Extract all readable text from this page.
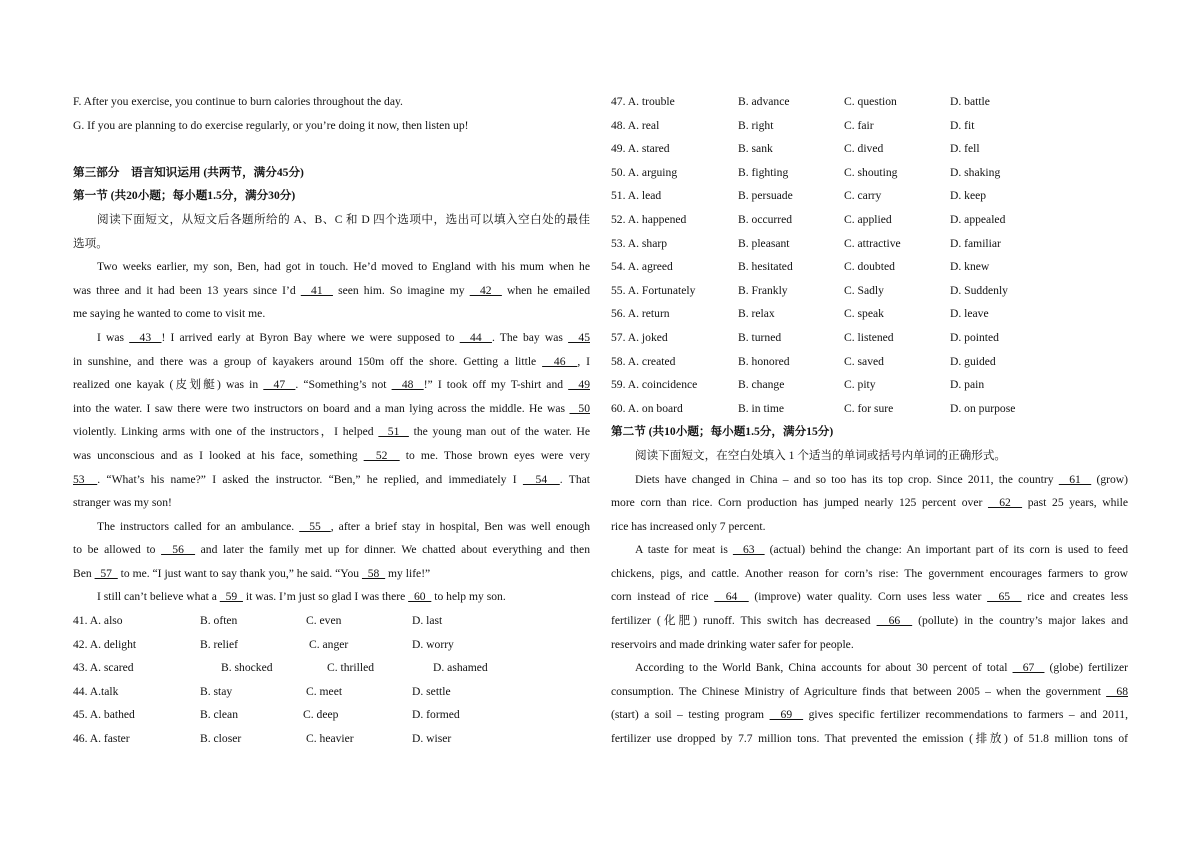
F. After you exercise, you continue to burn calories throughout the day.
G. If you are planning to do exercise regularly, or you’re doing it now, then listen up!
第三部分　语言知识运用 (共两节，满分45分)
第一节 (共20小题；每小题1.5分，满分30分)
阅读下面短文，从短文后各题所给的 A、B、C 和 D 四个选项中，选出可以填入空白处的最佳
选项。
Two weeks earlier, my son, Ben, had got in touch. He’d moved to England with his mum when he
was three and it had been 13 years since I’d   41   seen him. So imagine my   42   when he emailed
me saying he wanted to come to visit me.
I was   43  ! I arrived early at Byron Bay where we were supposed to   44  . The bay was   45
in sunshine, and there was a group of kayakers around 150m off the shore. Getting a little   46  , I
realized one kayak (皮划艇) was in   47  . “Something’s not   48  !” I took off my T-shirt and   49
into the water. I saw there were two instructors on board and a man lying across the middle. He was   50
violently. Linking arms with one of the instructors，I helped   51   the young man out of the water. He
was unconscious and as I looked at his face, something   52   to me. Those brown eyes were very
53  . “What’s his name?” I asked the instructor. “Ben,” he replied, and immediately I   54  . That
stranger was my son!
The instructors called for an ambulance.   55  , after a brief stay in hospital, Ben was well enough
to be allowed to   56   and later the family met up for dinner. We chatted about everything and then
Ben   57   to me. “I just want to say thank you,” he said. “You   58   my life!”
I still can’t believe what a   59   it was. I’m just so glad I was there   60   to help my son.
41. A. also	B. often	C. even	D. last
42. A. delight	B. relief	C. anger	D. worry
43. A. scared	B. shocked	C. thrilled	D. ashamed
44. A.talk	B. stay	C. meet	D. settle
45. A. bathed	B. clean	C. deep	D. formed
46. A. faster	B. closer	C. heavier	D. wiser
47. A. trouble	B. advance	C. question	D. battle
48. A. real	B. right	C. fair	D. fit
49. A. stared	B. sank	C. dived	D. fell
50. A. arguing	B. fighting	C. shouting	D. shaking
51. A. lead	B. persuade	C. carry	D. keep
52. A. happened	B. occurred	C. applied	D. appealed
53. A. sharp	B. pleasant	C. attractive	D. familiar
54. A. agreed	B. hesitated	C. doubted	D. knew
55. A. Fortunately	B. Frankly	C. Sadly	D. Suddenly
56. A. return	B. relax	C. speak	D. leave
57. A. joked	B. turned	C. listened	D. pointed
58. A. created	B. honored	C. saved	D. guided
59. A. coincidence	B. change	C. pity	D. pain
60. A. on board	B. in time	C. for sure	D. on purpose
第二节 (共10小题；每小题1.5分，满分15分)
阅读下面短文，在空白处填入 1 个适当的单词或括号内单词的正确形式。
Diets have changed in China – and so too has its top crop. Since 2011, the country   61   (grow)
more corn than rice. Corn production has jumped nearly 125 percent over   62   past 25 years, while
rice has increased only 7 percent.
A taste for meat is   63   (actual) behind the change: An important part of its corn is used to feed
chickens, pigs, and cattle. Another reason for corn’s rise: The government encourages farmers to grow
corn instead of rice   64   (improve) water quality. Corn uses less water   65   rice and creates less
fertilizer (化肥) runoff. This switch has decreased   66   (pollute) in the country’s major lakes and
reservoirs and made drinking water safer for people.
According to the World Bank, China accounts for about 30 percent of total   67   (globe) fertilizer
consumption. The Chinese Ministry of Agriculture finds that between 2005 – when the government   68
(start) a soil – testing program   69   gives specific fertilizer recommendations to farmers – and 2011,
fertilizer use dropped by 7.7 million tons. That prevented the emission (排放) of 51.8 million tons of
